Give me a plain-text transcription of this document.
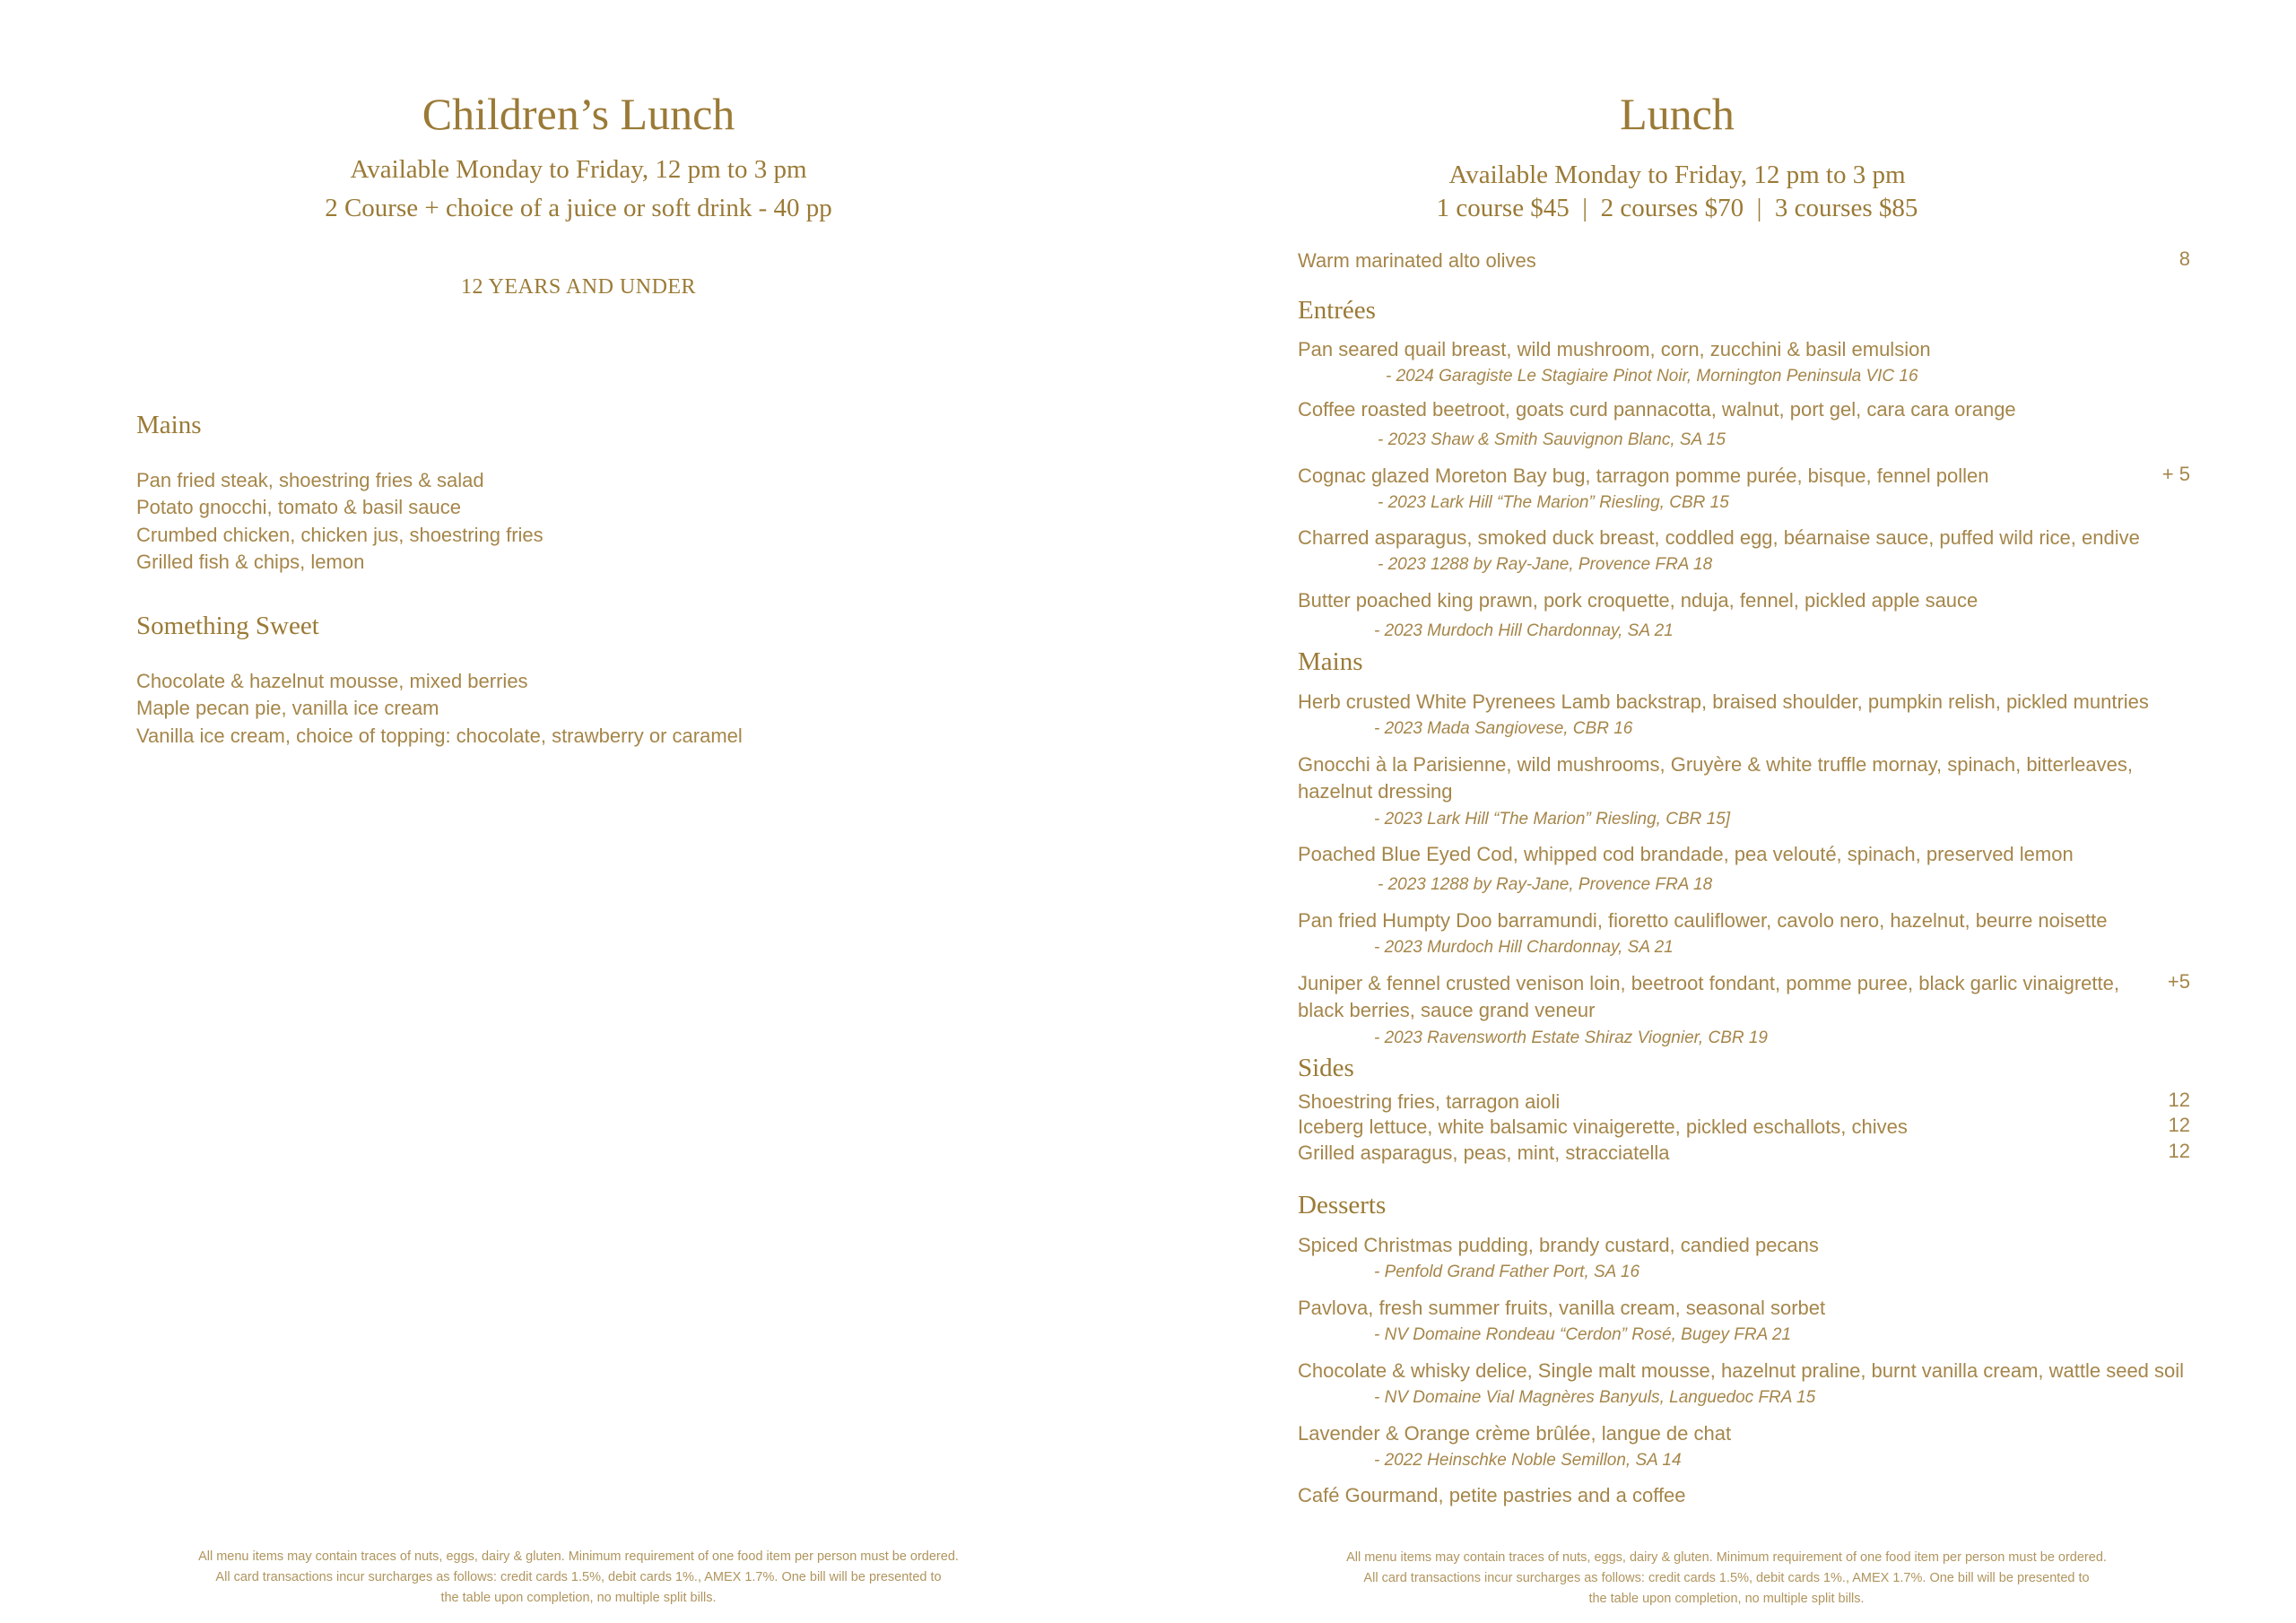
Children’s Lunch
Available Monday to Friday, 12 pm to 3 pm
2 Course + choice of a juice or soft drink - 40 pp
12 YEARS AND UNDER
Mains
Pan fried steak, shoestring fries & salad
Potato gnocchi, tomato & basil sauce
Crumbed chicken, chicken jus, shoestring fries
Grilled fish & chips, lemon
Something Sweet
Chocolate & hazelnut mousse, mixed berries
Maple pecan pie, vanilla ice cream
Vanilla ice cream, choice of topping: chocolate, strawberry or caramel
All menu items may contain traces of nuts, eggs, dairy & gluten. Minimum requirement of one food item per person must be ordered.
All card transactions incur surcharges as follows: credit cards 1.5%, debit cards 1%., AMEX 1.7%. One bill will be presented to
the table upon completion, no multiple split bills.
Lunch
Available Monday to Friday, 12 pm to 3 pm
1 course $45  |  2 courses $70  |  3 courses $85
Warm marinated alto olives	8
Entrées
Pan seared quail breast, wild mushroom, corn, zucchini & basil emulsion
- 2024 Garagiste Le Stagiaire Pinot Noir, Mornington Peninsula VIC 16
Coffee roasted beetroot, goats curd pannacotta, walnut, port gel, cara cara orange
- 2023 Shaw & Smith Sauvignon Blanc, SA 15
Cognac glazed Moreton Bay bug, tarragon pomme purée, bisque, fennel pollen	+ 5
- 2023 Lark Hill “The Marion” Riesling, CBR 15
Charred asparagus, smoked duck breast, coddled egg, béarnaise sauce, puffed wild rice, endive
- 2023 1288 by Ray-Jane, Provence FRA 18
Butter poached king prawn, pork croquette, nduja, fennel, pickled apple sauce
- 2023 Murdoch Hill Chardonnay, SA 21
Mains
Herb crusted White Pyrenees Lamb backstrap, braised shoulder, pumpkin relish, pickled muntries
- 2023 Mada Sangiovese, CBR 16
Gnocchi à la Parisienne, wild mushrooms, Gruyère & white truffle mornay, spinach, bitterleaves,
hazelnut dressing
- 2023 Lark Hill “The Marion” Riesling, CBR 15]
Poached Blue Eyed Cod, whipped cod brandade, pea velouté, spinach, preserved lemon
- 2023 1288 by Ray-Jane, Provence FRA 18
Pan fried Humpty Doo barramundi, fioretto cauliflower, cavolo nero, hazelnut, beurre noisette
- 2023 Murdoch Hill Chardonnay, SA 21
Juniper & fennel crusted venison loin, beetroot fondant, pomme puree, black garlic vinaigrette,	+5
black berries, sauce grand veneur
- 2023 Ravensworth Estate Shiraz Viognier, CBR 19
Sides
Shoestring fries, tarragon aioli	12
Iceberg lettuce, white balsamic vinaigerette, pickled eschallots, chives	12
Grilled asparagus, peas, mint, stracciatella	12
Desserts
Spiced Christmas pudding, brandy custard, candied pecans
- Penfold Grand Father Port, SA 16
Pavlova, fresh summer fruits, vanilla cream, seasonal sorbet
- NV Domaine Rondeau “Cerdon” Rosé, Bugey FRA 21
Chocolate & whisky delice, Single malt mousse, hazelnut praline, burnt vanilla cream, wattle seed soil
- NV Domaine Vial Magnères Banyuls, Languedoc FRA 15
Lavender & Orange crème brûlée, langue de chat
- 2022 Heinschke Noble Semillon, SA 14
Café Gourmand, petite pastries and a coffee
All menu items may contain traces of nuts, eggs, dairy & gluten. Minimum requirement of one food item per person must be ordered.
All card transactions incur surcharges as follows: credit cards 1.5%, debit cards 1%., AMEX 1.7%. One bill will be presented to
the table upon completion, no multiple split bills.
